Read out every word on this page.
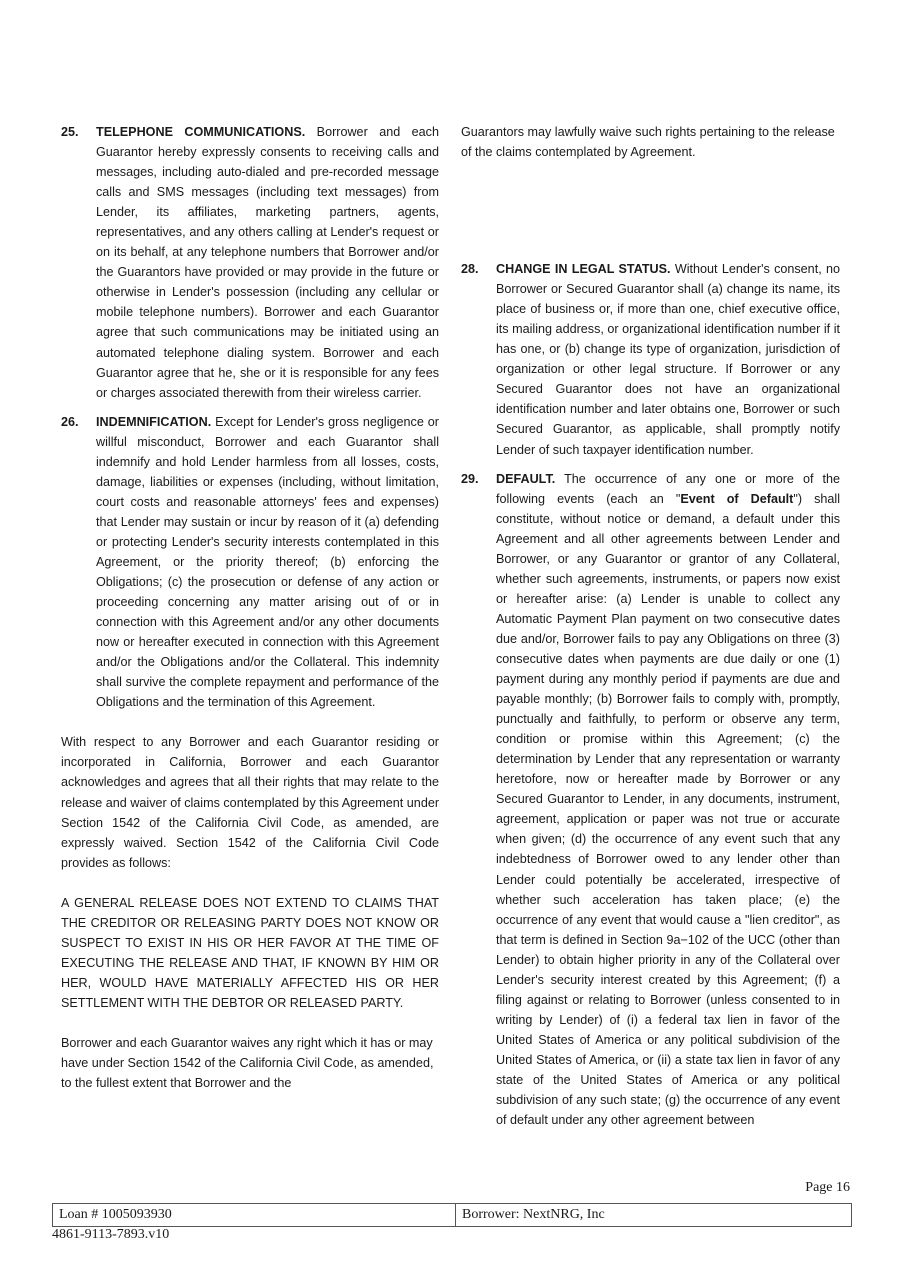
25. TELEPHONE COMMUNICATIONS. Borrower and each Guarantor hereby expressly consents to receiving calls and messages, including auto-dialed and pre-recorded message calls and SMS messages (including text messages) from Lender, its affiliates, marketing partners, agents, representatives, and any others calling at Lender's request or on its behalf, at any telephone numbers that Borrower and/or the Guarantors have provided or may provide in the future or otherwise in Lender's possession (including any cellular or mobile telephone numbers). Borrower and each Guarantor agree that such communications may be initiated using an automated telephone dialing system. Borrower and each Guarantor agree that he, she or it is responsible for any fees or charges associated therewith from their wireless carrier.

26. INDEMNIFICATION. Except for Lender's gross negligence or willful misconduct, Borrower and each Guarantor shall indemnify and hold Lender harmless from all losses, costs, damage, liabilities or expenses (including, without limitation, court costs and reasonable attorneys' fees and expenses) that Lender may sustain or incur by reason of it (a) defending or protecting Lender's security interests contemplated in this Agreement, or the priority thereof; (b) enforcing the Obligations; (c) the prosecution or defense of any action or proceeding concerning any matter arising out of or in connection with this Agreement and/or any other documents now or hereafter executed in connection with this Agreement and/or the Obligations and/or the Collateral. This indemnity shall survive the complete repayment and performance of the Obligations and the termination of this Agreement.

With respect to any Borrower and each Guarantor residing or incorporated in California, Borrower and each Guarantor acknowledges and agrees that all their rights that may relate to the release and waiver of claims contemplated by this Agreement under Section 1542 of the California Civil Code, as amended, are expressly waived. Section 1542 of the California Civil Code provides as follows:

A GENERAL RELEASE DOES NOT EXTEND TO CLAIMS THAT THE CREDITOR OR RELEASING PARTY DOES NOT KNOW OR SUSPECT TO EXIST IN HIS OR HER FAVOR AT THE TIME OF EXECUTING THE RELEASE AND THAT, IF KNOWN BY HIM OR HER, WOULD HAVE MATERIALLY AFFECTED HIS OR HER SETTLEMENT WITH THE DEBTOR OR RELEASED PARTY.

Borrower and each Guarantor waives any right which it has or may have under Section 1542 of the California Civil Code, as amended, to the fullest extent that Borrower and the

Guarantors may lawfully waive such rights pertaining to the release of the claims contemplated by Agreement.

28. CHANGE IN LEGAL STATUS. Without Lender's consent, no Borrower or Secured Guarantor shall (a) change its name, its place of business or, if more than one, chief executive office, its mailing address, or organizational identification number if it has one, or (b) change its type of organization, jurisdiction of organization or other legal structure. If Borrower or any Secured Guarantor does not have an organizational identification number and later obtains one, Borrower or such Secured Guarantor, as applicable, shall promptly notify Lender of such taxpayer identification number.

29. DEFAULT. The occurrence of any one or more of the following events (each an "Event of Default") shall constitute, without notice or demand, a default under this Agreement and all other agreements between Lender and Borrower, or any Guarantor or grantor of any Collateral, whether such agreements, instruments, or papers now exist or hereafter arise: (a) Lender is unable to collect any Automatic Payment Plan payment on two consecutive dates due and/or, Borrower fails to pay any Obligations on three (3) consecutive dates when payments are due daily or one (1) payment during any monthly period if payments are due and payable monthly; (b) Borrower fails to comply with, promptly, punctually and faithfully, to perform or observe any term, condition or promise within this Agreement; (c) the determination by Lender that any representation or warranty heretofore, now or hereafter made by Borrower or any Secured Guarantor to Lender, in any documents, instrument, agreement, application or paper was not true or accurate when given; (d) the occurrence of any event such that any indebtedness of Borrower owed to any lender other than Lender could potentially be accelerated, irrespective of whether such acceleration has taken place; (e) the occurrence of any event that would cause a "lien creditor", as that term is defined in Section 9a−102 of the UCC (other than Lender) to obtain higher priority in any of the Collateral over Lender's security interest created by this Agreement; (f) a filing against or relating to Borrower (unless consented to in writing by Lender) of (i) a federal tax lien in favor of the United States of America or any political subdivision of the United States of America, or (ii) a state tax lien in favor of any state of the United States of America or any political subdivision of any such state; (g) the occurrence of any event of default under any other agreement between

Page 16
Loan # 1005093930	Borrower: NextNRG, Inc
4861-9113-7893.v10
